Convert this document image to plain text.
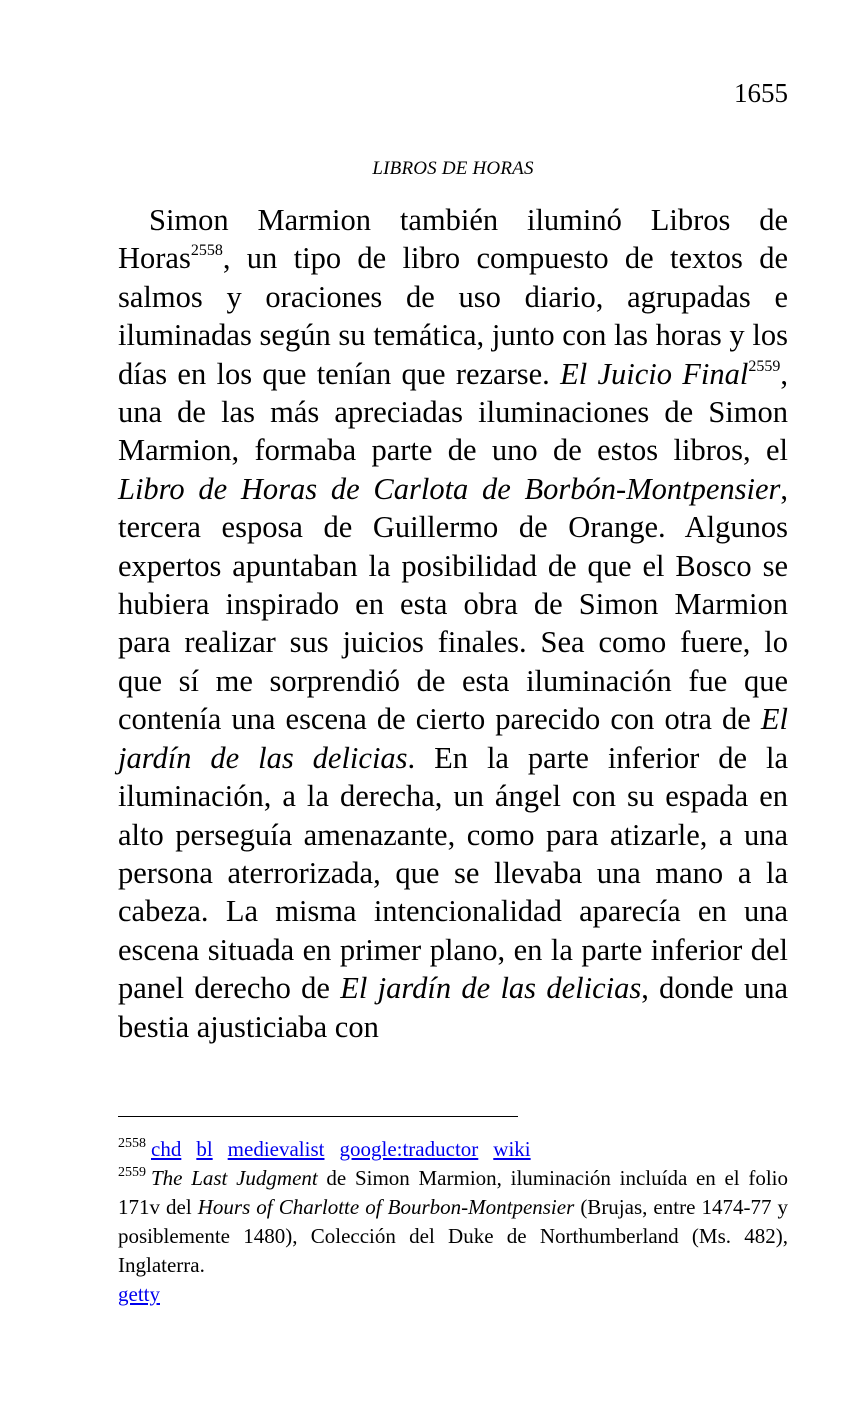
1655
LIBROS DE HORAS

Simon Marmion también iluminó Libros de Horas$^{2558}$, un tipo de libro compuesto de textos de salmos y oraciones de uso diario, agrupadas e iluminadas según su temática, junto con las horas y los días en los que tenían que rezarse. El Juicio Final$^{2559}$, una de las más apreciadas iluminaciones de Simon Marmion, formaba parte de uno de estos libros, el Libro de Horas de Carlota de Borbón-Montpensier, tercera esposa de Guillermo de Orange. Algunos expertos apuntaban la posibilidad de que el Bosco se hubiera inspirado en esta obra de Simon Marmion para realizar sus juicios finales. Sea como fuere, lo que sí me sorprendió de esta iluminación fue que contenía una escena de cierto parecido con otra de El jardín de las delicias. En la parte inferior de la iluminación, a la derecha, un ángel con su espada en alto perseguía amenazante, como para atizarle, a una persona aterrorizada, que se llevaba una mano a la cabeza. La misma intencionalidad aparecía en una escena situada en primer plano, en la parte inferior del panel derecho de El jardín de las delicias, donde una bestia ajusticiaba con

$^{2558}$ chd bl medievalist google:traductor wiki

$^{2559}$ The Last Judgment de Simon Marmion, iluminación incluída en el folio 171v del Hours of Charlotte of Bourbon-Montpensier (Brujas, entre 1474-77 y posiblemente 1480), Colección del Duke de Northumberland (Ms. 482), Inglaterra.

getty
